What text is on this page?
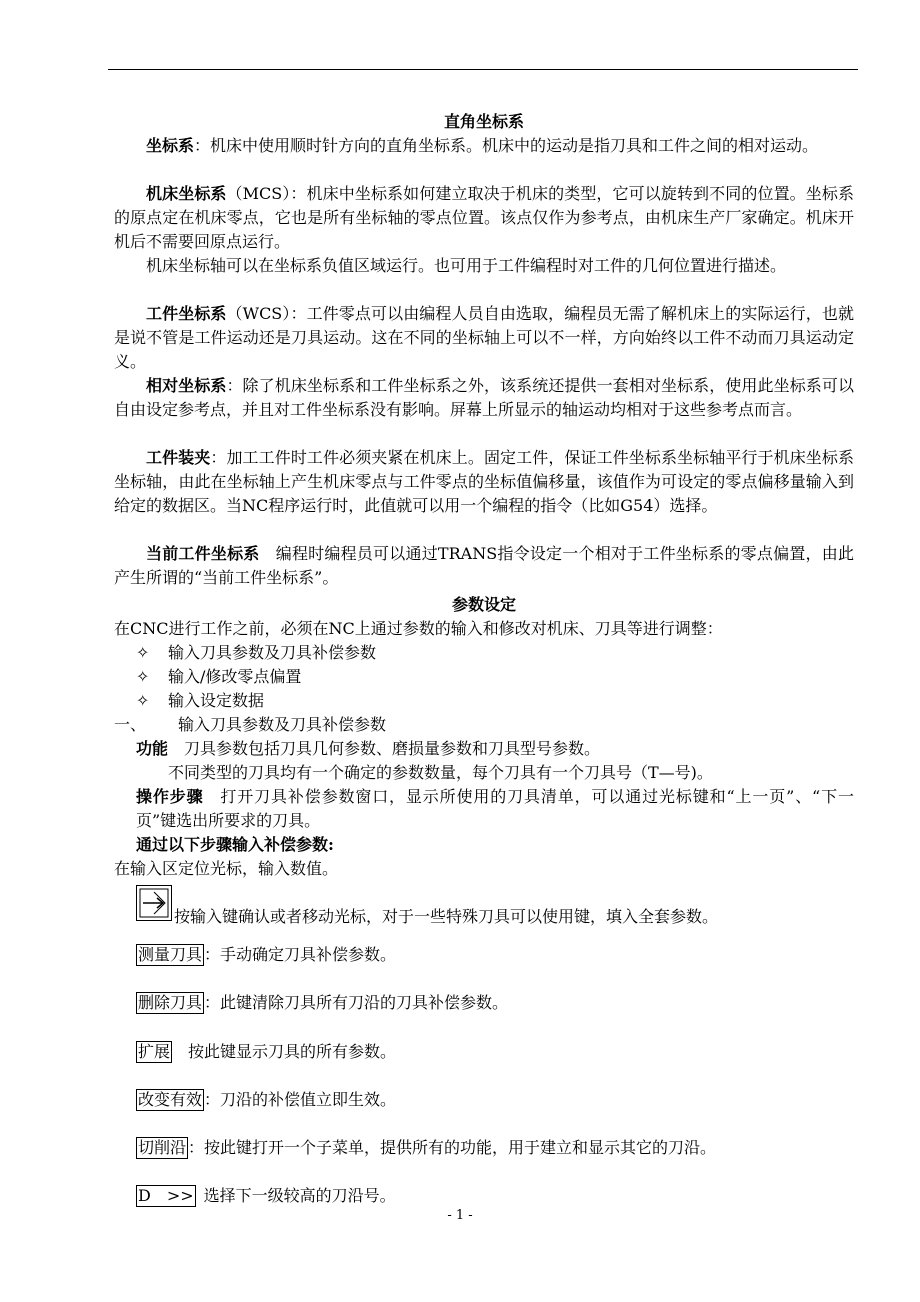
直角坐标系
坐标系：机床中使用顺时针方向的直角坐标系。机床中的运动是指刀具和工件之间的相对运动。
机床坐标系（MCS）：机床中坐标系如何建立取决于机床的类型，它可以旋转到不同的位置。坐标系的原点定在机床零点，它也是所有坐标轴的零点位置。该点仅作为参考点，由机床生产厂家确定。机床开机后不需要回原点运行。
机床坐标轴可以在坐标系负值区域运行。也可用于工件编程时对工件的几何位置进行描述。
工件坐标系（WCS）：工件零点可以由编程人员自由选取，编程员无需了解机床上的实际运行，也就是说不管是工件运动还是刀具运动。这在不同的坐标轴上可以不一样，方向始终以工件不动而刀具运动定义。
相对坐标系：除了机床坐标系和工件坐标系之外，该系统还提供一套相对坐标系，使用此坐标系可以自由设定参考点，并且对工件坐标系没有影响。屏幕上所显示的轴运动均相对于这些参考点而言。
工件装夹：加工工件时工件必须夹紧在机床上。固定工件，保证工件坐标系坐标轴平行于机床坐标系坐标轴，由此在坐标轴上产生机床零点与工件零点的坐标值偏移量，该值作为可设定的零点偏移量输入到给定的数据区。当NC程序运行时，此值就可以用一个编程的指令（比如G54）选择。
当前工件坐标系　编程时编程员可以通过TRANS指令设定一个相对于工件坐标系的零点偏置，由此产生所谓的“当前工件坐标系”。
参数设定
在CNC进行工作之前，必须在NC上通过参数的输入和修改对机床、刀具等进行调整：
✧ 输入刀具参数及刀具补偿参数
✧ 输入/修改零点偏置
✧ 输入设定数据
一、 输入刀具参数及刀具补偿参数
功能　刀具参数包括刀具几何参数、磨损量参数和刀具型号参数。
不同类型的刀具均有一个确定的参数数量，每个刀具有一个刀具号（T—号)。
操作步骤　打开刀具补偿参数窗口，显示所使用的刀具清单，可以通过光标键和“上一页”、“下一页”键选出所要求的刀具。
通过以下步骤输入补偿参数:
在输入区定位光标，输入数值。
按输入键确认或者移动光标，对于一些特殊刀具可以使用键，填入全套参数。
测量刀具 ：手动确定刀具补偿参数。
删除刀具 ：此键清除刀具所有刀沿的刀具补偿参数。
扩展　按此键显示刀具的所有参数。
改变有效 ：刀沿的补偿值立即生效。
切削沿 ：按此键打开一个子菜单，提供所有的功能，用于建立和显示其它的刀沿。
D　>> 选择下一级较高的刀沿号。
- 1 -
